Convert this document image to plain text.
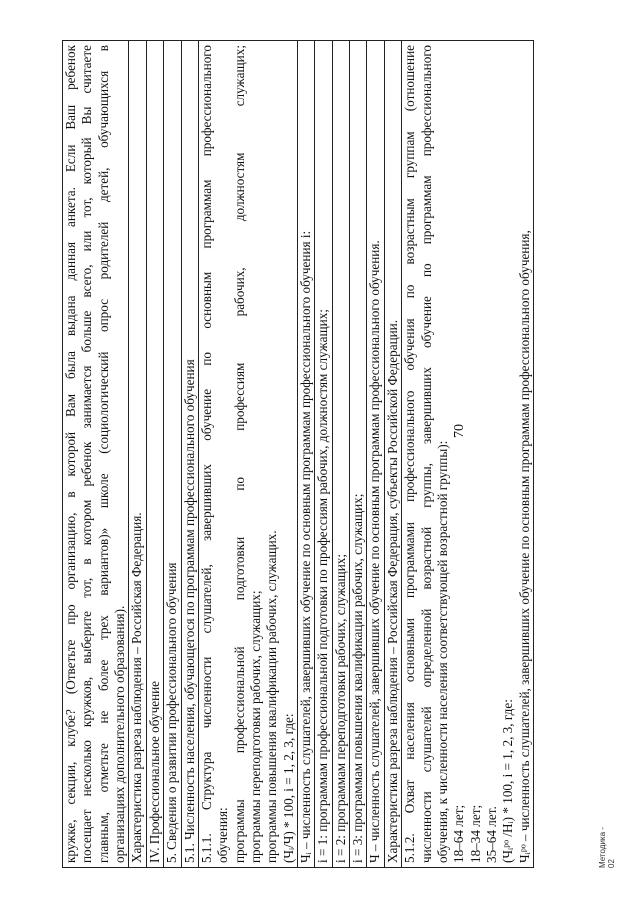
70
Методика - 02
кружке, секции, клубе? (Ответьте про организацию, в которой Вам была выдана данная анкета. Если Ваш ребенок посещает несколько кружков, выберите тот, в котором ребенок занимается больше всего, или тот, который Вы считаете главным, отметьте не более трех вариантов)» школе (социологический опрос родителей детей, обучающихся в организациях дополнительного образования).

Характеристика разреза наблюдения – Российская Федерация.

IV. Профессиональное обучение

5. Сведения о развитии профессионального обучения

5.1. Численность населения, обучающегося по программам профессионального обучения

5.1.1. Структура численности слушателей, завершивших обучение по основным программам профессионального обучения: программы профессиональной подготовки по профессиям рабочих, должностям служащих; программы переподготовки рабочих, служащих; программы повышения квалификации рабочих, служащих. (Чᵢ/Ч) * 100, i = 1, 2, 3, где:

Чᵢ – численность слушателей, завершивших обучение по основным программам профессионального обучения i:

i = 1: программам профессиональной подготовки по профессиям рабочих, должностям служащих;

i = 2: программам переподготовки рабочих, служащих;

i = 3: программам повышения квалификации рабочих, служащих;

Ч – численность слушателей, завершивших обучение по основным программам профессионального обучения.

Характеристика разреза наблюдения – Российская Федерация, субъекты Российской Федерации.

5.1.2. Охват населения основными программами профессионального обучения по возрастным группам (отношение численности слушателей определенной возрастной группы, завершивших обучение по программам профессионального обучения, к численности населения соответствующей возрастной группы): 18–64 лет; 18–34 лет; 35–64 лет. (Чᵢᵖᵒ /Нᵢ) * 100, i = 1, 2, 3, где: Чᵢᵖᵒ – численность слушателей, завершивших обучение по основным программам профессионального обучения,
